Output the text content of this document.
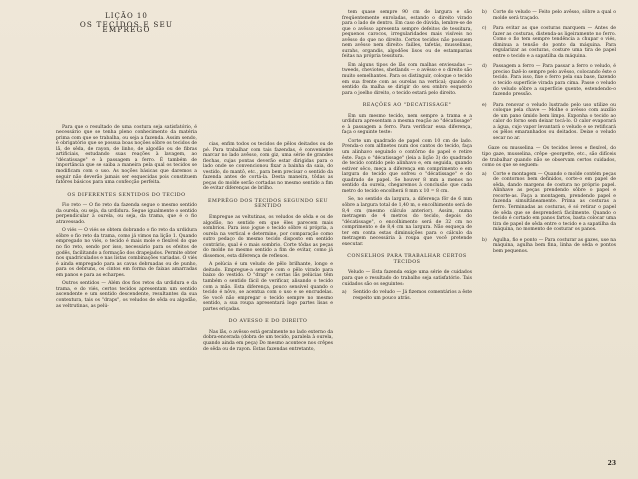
LIÇÃO 10
OS TECIDOS E SEU EMPREGO

Para que o resultado de uma costura seja satisfatório, é necessário que se tenha pleno conhecimento da matéria prima com que se trabalha, ou seja a fazenda. Assim sendo, é obrigatório que se possua boas noções sôbre os tecidos de lã, de sêda, de rayon, de linho, de algodão ou de fibras artificiais, estudando suas reações à lavagem, ao "décatissage" e à passagem a ferro. É também de importância que se saiba a maneira pela qual os tecidos se modificam com o uso. As noções básicas que daremos a seguir não deverão jamais ser esquecidas pois constituem fatôres básicos para uma confecção perfeita.

OS DIFERENTES SENTIDOS DO TECIDO

Fio reto — O fio reto da fazenda segue o mesmo sentido da ourela, ou seja, da urdidura. Segue igualmente o sentido perpendicular à ourela, ou seja, da trama, que é o fio atravessado.

O viés — O viés se obtem dobrando o fio reto da urdidura sôbre o fio reto da trama, como já vimos na lição 1. Quando empregado no viés, o tecido é mais mole e flexível do que no fio reto, sendo por isso, necessário para os efeitos de godês, facilitando a formação dos drapejados. Permite obter nos quadriculados e nas listas combinações variadas. O viés é ainda empregado para as cavas debruadas ou de punho, para os debruns, os cintos em forma de faixas amarradas em panos e para as echarpes.

Outros sentidos — Além dos fios retos da urdidura e da trama, e do viés, certos tecidos apresentam um sentido ascendente e um sentido descendente, resultantes da sua contextura, tais os "draps", os veludos de sêda ou algodão, as veltrutinas, as pelú-

cias, enfim todos os tecidos de pêlos deitados ou de pé. Para trabalhar com tais fazendas, é conveniente marcar no lado avêsso, com giz, uma série de grandes flechas, cujas pontas deverão estar dirigidas para o lado onde se convencionou fixar a bainha da saia, do vestido, do mantô, etc., para bem precisar o sentido da fazenda antes de cortá-la. Desta maneira, tôdas as peças do molde serão cortadas no mesmo sentido a fim de evitar diferenças de brilho.

EMPRÊGO DOS TECIDOS SEGUNDO SEU SENTIDO

Empregue as veltutinas, os veludos de sêda e os de algodão, no sentido em que êles parecem mais sombrios. Para isso jogue o tecido sôbre si própria, a ourela na vertical e determine, por comparação como sutro pedaço do mesmo tecido disposto em sentido contrário, qual é o mais sombrio. Corte tôdas as peças do molde no mesmo sentido a fim de evitar, como já dissemos, esta diferença de reflexos.

A pelúcia é um veludo de pêlo brilhante, longo e deitado. Empregue-a sempre com o pêlo virado para baixo do vestido. O "drap" e certas lãs pelúcias têm também o sentido fácil de verificar, alisando o tecido com a mão. Esta diferença, pouco sensível quando o tecido é nôvo, se acentua com o uso e se encrudelas. Se você não empregar o tecido sempre no mesmo sentido, a sua roupa apresentará logo partes lisas e partes eriçadas.

DO AVESSO E DO DIREITO

Nas lãs, o avêsso está geralmente no lado externo da dobra-encerada (dobra de um tecido, paralela à ourela, quando ainda em peça) Do mesmo acontece nos crêpes de sêda ou de rayon. Estas fazendas entretanto,

tem quase sempre 90 cm de largura e são freqüentemente enroladas, estando o direito virado para o lado de dentro. Em caso de dúvida, lembre-se de que o avêsso apresenta sempre defeitos de tessitura, pequenos carocos, irregularidades mais visíveis no avêsso do que no direito. Certos tecidos não possuem nem avêsso nem direito: failles, tafetás, musselinas, surahs, organdis, algodões lisos ou de estamparias feitas na própria tessitura.

Em alguns tipos de lãs com malhas enviesadas — tweeds, cheviotes, shetlands — o avêsso e o direito são muito semelhantes. Para os distinguir, coloque o tecido em sua frente com as ourelas na vertical; quando o sentido da malha se dirigir do seu ombro esquerdo para o joelho direito, o tecido estará pelo direito.

REAÇÕES AO "DECATISSAGE"

Em um mesmo tecido, nem sempre a trama e a urdidura apresentam a mesma reação ao "décatissage" e à passagem a ferro. Para verificar essa diferença, faça o seguinte teste:

Corte um quadrado de papel com 10 cm de lado. Prenda-o com alfinetes num dos cantos do tecido, faça um alinhavo seguindo o contôrno do papel e retire êste. Faça o "décatissage" (leia a lição 3) do quadrado de tecido contido pelo alinhavo e, em seguida, quando estiver sêco, meça a diferença em comprimento e em largura do tecido que sofreu o "décatissage" e do quadrado de papel. Se houver 8 mm a menos no sentido da ourela, chegaremos à conclusão que cada metro do tecido encolherá 8 mm x 10 = 8 cm.

Se, no sentido da largura, a diferença fôr de 6 mm sôbre a largura total de 1,40 m, o encolhimento será de 8,4 cm (mesmo cálculo anterior). Assim, numa metragem de 4 metros do tecido, depois do "décatissage", o encolhimento será de 32 cm no comprimento e de 8,4 cm na largura. Não esqueça de ter em conta estas diminuições para o cálculo da metragem necessária à roupa que você pretende executar.

CONSELHOS PARA TRABALHAR CERTOS TECIDOS

Veludo — Esta fazenda exige uma série de cuidados para que o resultado do trabalho seja satisfatório. Tais cuidados são os seguintes:

a)	Sentido do veludo — Já fizemos comentários a êste respeito um pouco atrás.
b)	Corte do veludo — Feito pelo avêsso, sôbre a qual o molde será traçado.
c)	Para evitar as que costuras marquem — Antes de fazer as costuras, distenda-as ligeiramente no ferro. Como o fio tem sempre tendência a chupar o viés, diminua a tensão do ponto da máquina. Para regularizar as costuras, costure uma tira de papel entre o tecido e a sapatilha da máquina.
d)	Passagem a ferro — Para passar a ferro o veludo, é preciso fazê-lo sempre pelo avêsso, colocando êste o tecido. Para isso, fixe o ferro pela sua base, fazendo o tecido superfície virada para cima. Passe o veludo do veludo sôbre a superfície quente, estendendo-o fazendo pressão.
e)	Para renovar o veludo lustrado pelo uso utilize ou coloque pela chave — Molhe o avêsso com auxílio de um pano úmido bem limpo. Exponha o tecido ao calor do forno sem deixar tocá-lo. O calor evaporará a água, cujo vapor levantará o veludo e se retificará os pêlos emaranhados ou deitados. Deixe o veludo secar no ar.

Gaze ou musselina — Os tecidos leves e flexível, do tipo gaze, musselina, crêpe -georgette, etc., são difíceis de trabalhar quando não se observam certos cuidados, como os que se seguem:

a)	Corte e montagem — Quando o molde contém peças de contornos bem definidos, corte-o em papel de sêda, dando margens de costura no próprio papel. Alinhave as peças prendendo sôbre o papel e recorte-as. Faça a montagem, prendendo papel e fazenda simultâneamente. Prima as costuras a ferro. Terminadas as costuras, é só retirar o papel de sêda que se desprenderá fàcilmente. Quando o tecido é cortado em panos fartos, basta colocar uma tira de papel de sêda entre o tecido e a sapatilha da máquina, no momento de costurar os panos.
b)	Agulha, fio e ponto — Para costurar as gazes, use na máquina, agulha bem fina, linha de sêda e pontos bem pequenos.
23
